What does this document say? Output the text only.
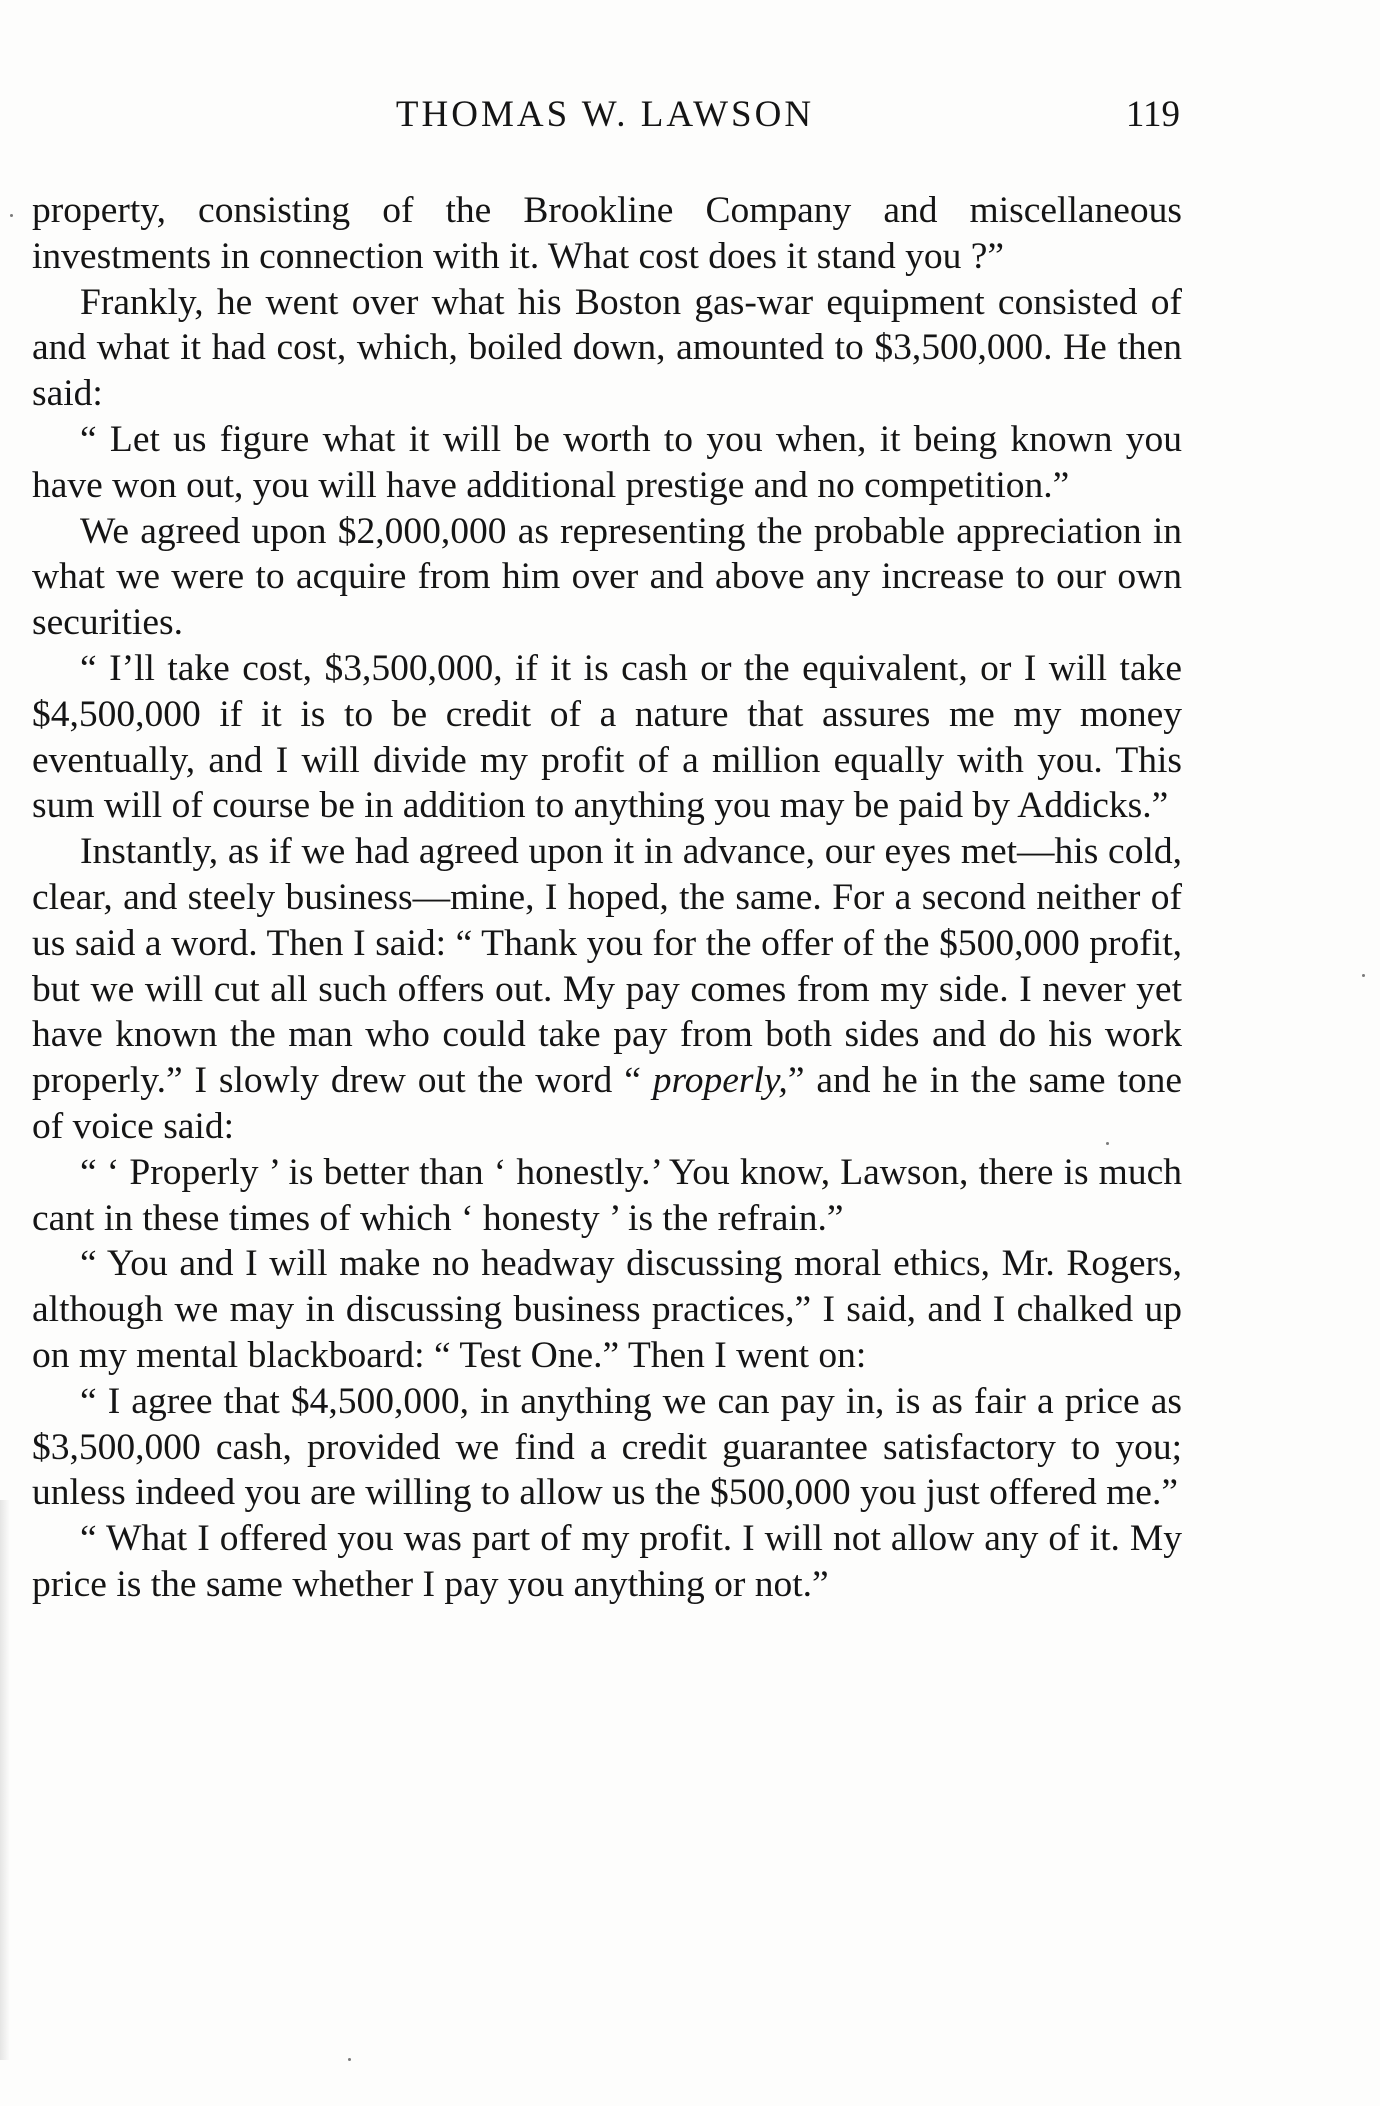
THOMAS W. LAWSON	119

property, consisting of the Brookline Company and miscellaneous investments in connection with it. What cost does it stand you ?”

Frankly, he went over what his Boston gas-war equipment consisted of and what it had cost, which, boiled down, amounted to $3,500,000. He then said:

“ Let us figure what it will be worth to you when, it being known you have won out, you will have additional prestige and no competition.”

We agreed upon $2,000,000 as representing the probable appreciation in what we were to acquire from him over and above any increase to our own securities.

“ I’ll take cost, $3,500,000, if it is cash or the equivalent, or I will take $4,500,000 if it is to be credit of a nature that assures me my money eventually, and I will divide my profit of a million equally with you. This sum will of course be in addition to anything you may be paid by Addicks.”

Instantly, as if we had agreed upon it in advance, our eyes met—his cold, clear, and steely business—mine, I hoped, the same. For a second neither of us said a word. Then I said: “ Thank you for the offer of the $500,000 profit, but we will cut all such offers out. My pay comes from my side. I never yet have known the man who could take pay from both sides and do his work properly.” I slowly drew out the word “ properly,” and he in the same tone of voice said:

“ ‘ Properly ’ is better than ‘ honestly.’ You know, Lawson, there is much cant in these times of which ‘ honesty ’ is the refrain.”

“ You and I will make no headway discussing moral ethics, Mr. Rogers, although we may in discussing business practices,” I said, and I chalked up on my mental blackboard: “ Test One.” Then I went on:

“ I agree that $4,500,000, in anything we can pay in, is as fair a price as $3,500,000 cash, provided we find a credit guarantee satisfactory to you; unless indeed you are willing to allow us the $500,000 you just offered me.”

“ What I offered you was part of my profit. I will not allow any of it. My price is the same whether I pay you anything or not.”
